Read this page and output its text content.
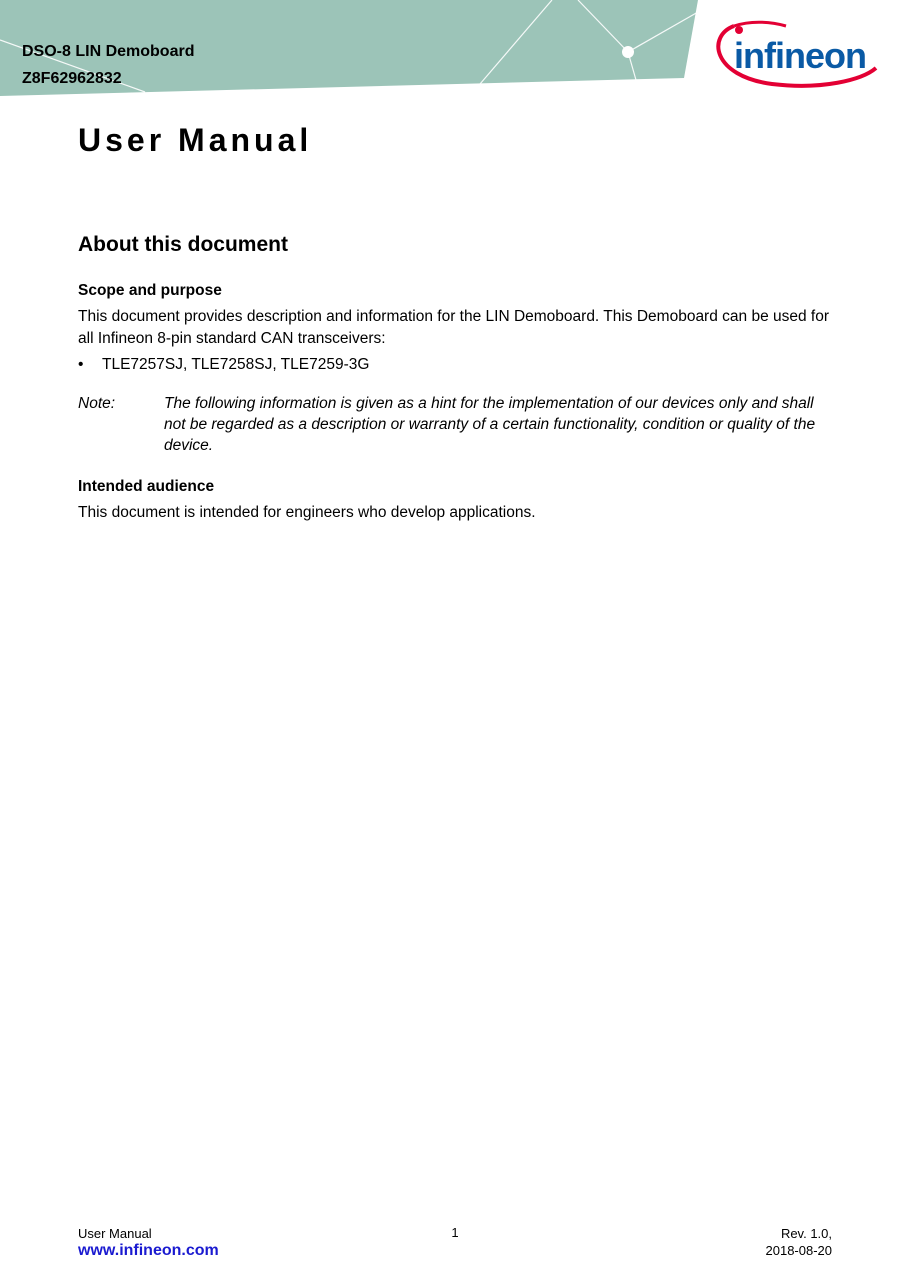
DSO-8 LIN Demoboard
Z8F62962832
infineon
User Manual
About this document
Scope and purpose

This document provides description and information for the LIN Demoboard. This Demoboard can be used for all Infineon 8-pin standard CAN transceivers:

•	TLE7257SJ, TLE7258SJ, TLE7259-3G
Note:	The following information is given as a hint for the implementation of our devices only and shall not be regarded as a description or warranty of a certain functionality, condition or quality of the device.
Intended audience

This document is intended for engineers who develop applications.

User Manual
www.infineon.com
1	Rev. 1.0,
2018-08-20
